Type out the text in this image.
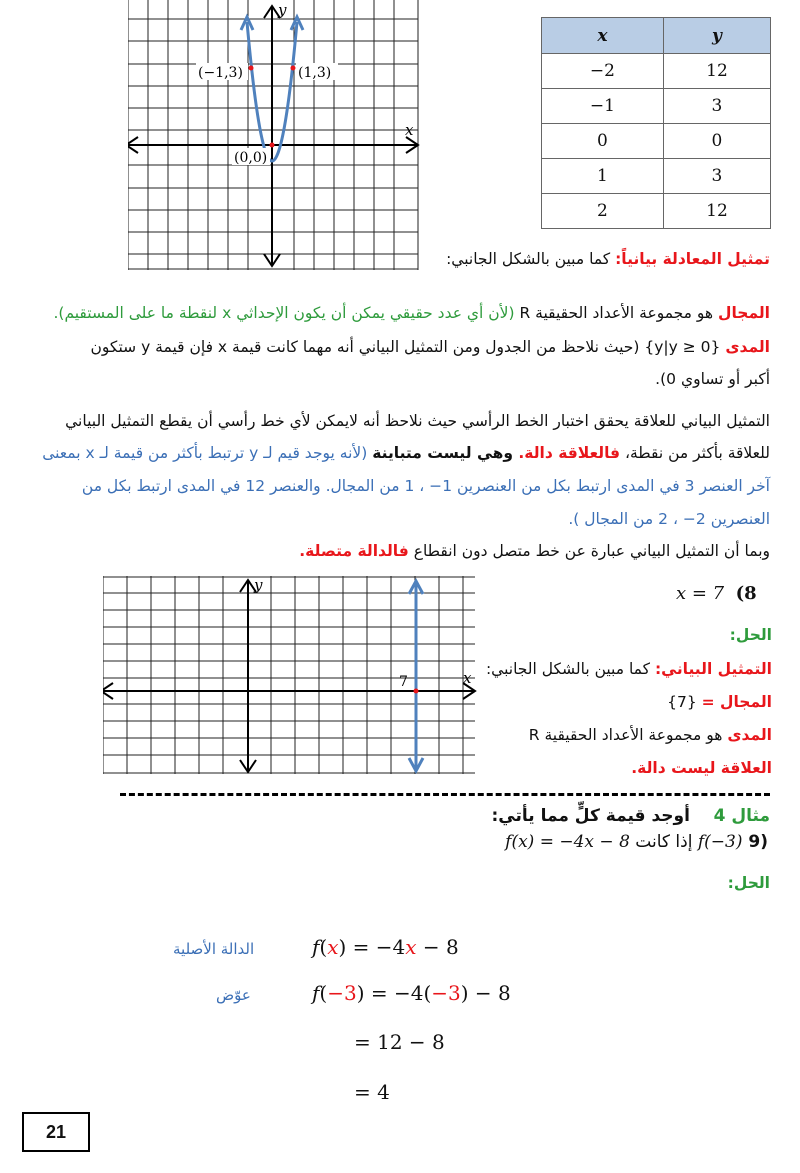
(−1,3)	(1,3)
(0,0)
y
x
x	y
−2	12
−1	3
0	0
1	3
2	12
تمثيل المعادلة بيانياً: كما مبين بالشكل الجانبي:
المجال هو مجموعة الأعداد الحقيقية R (لأن أي عدد حقيقي يمكن أن يكون الإحداثي x لنقطة ما على المستقيم).
المدى {y|y ≥ 0} (حيث نلاحظ من الجدول ومن التمثيل البياني أنه مهما كانت قيمة x فإن قيمة y ستكون
أكبر أو تساوي 0).
التمثيل البياني للعلاقة يحقق اختبار الخط الرأسي حيث نلاحظ أنه لايمكن لأي خط رأسي أن يقطع التمثيل البياني
للعلاقة بأكثر من نقطة، فالعلاقة دالة. وهي ليست متباينة (لأنه يوجد قيم لـ y ترتبط بأكثر من قيمة لـ x بمعنى
آخر العنصر 3 في المدى ارتبط بكل من العنصرين 1− ، 1 من المجال. والعنصر 12 في المدى ارتبط بكل من
العنصرين 2− ، 2 من المجال ).
وبما أن التمثيل البياني عبارة عن خط متصل دون انقطاع فالدالة متصلة.
7
y
x
x = 7 (8
الحل:
التمثيل البياني: كما مبين بالشكل الجانبي:
المجال = {7}
المدى هو مجموعة الأعداد الحقيقية R
العلاقة ليست دالة.
مثال 4    أوجد قيمة كلٍّ مما يأتي:
(9 f(−3) إذا كانت f(x) = −4x − 8
الحل:
الدالة الأصلية
عوّض
f(x) = −4x − 8
f(−3) = −4(−3) − 8
= 12 − 8
= 4
21
